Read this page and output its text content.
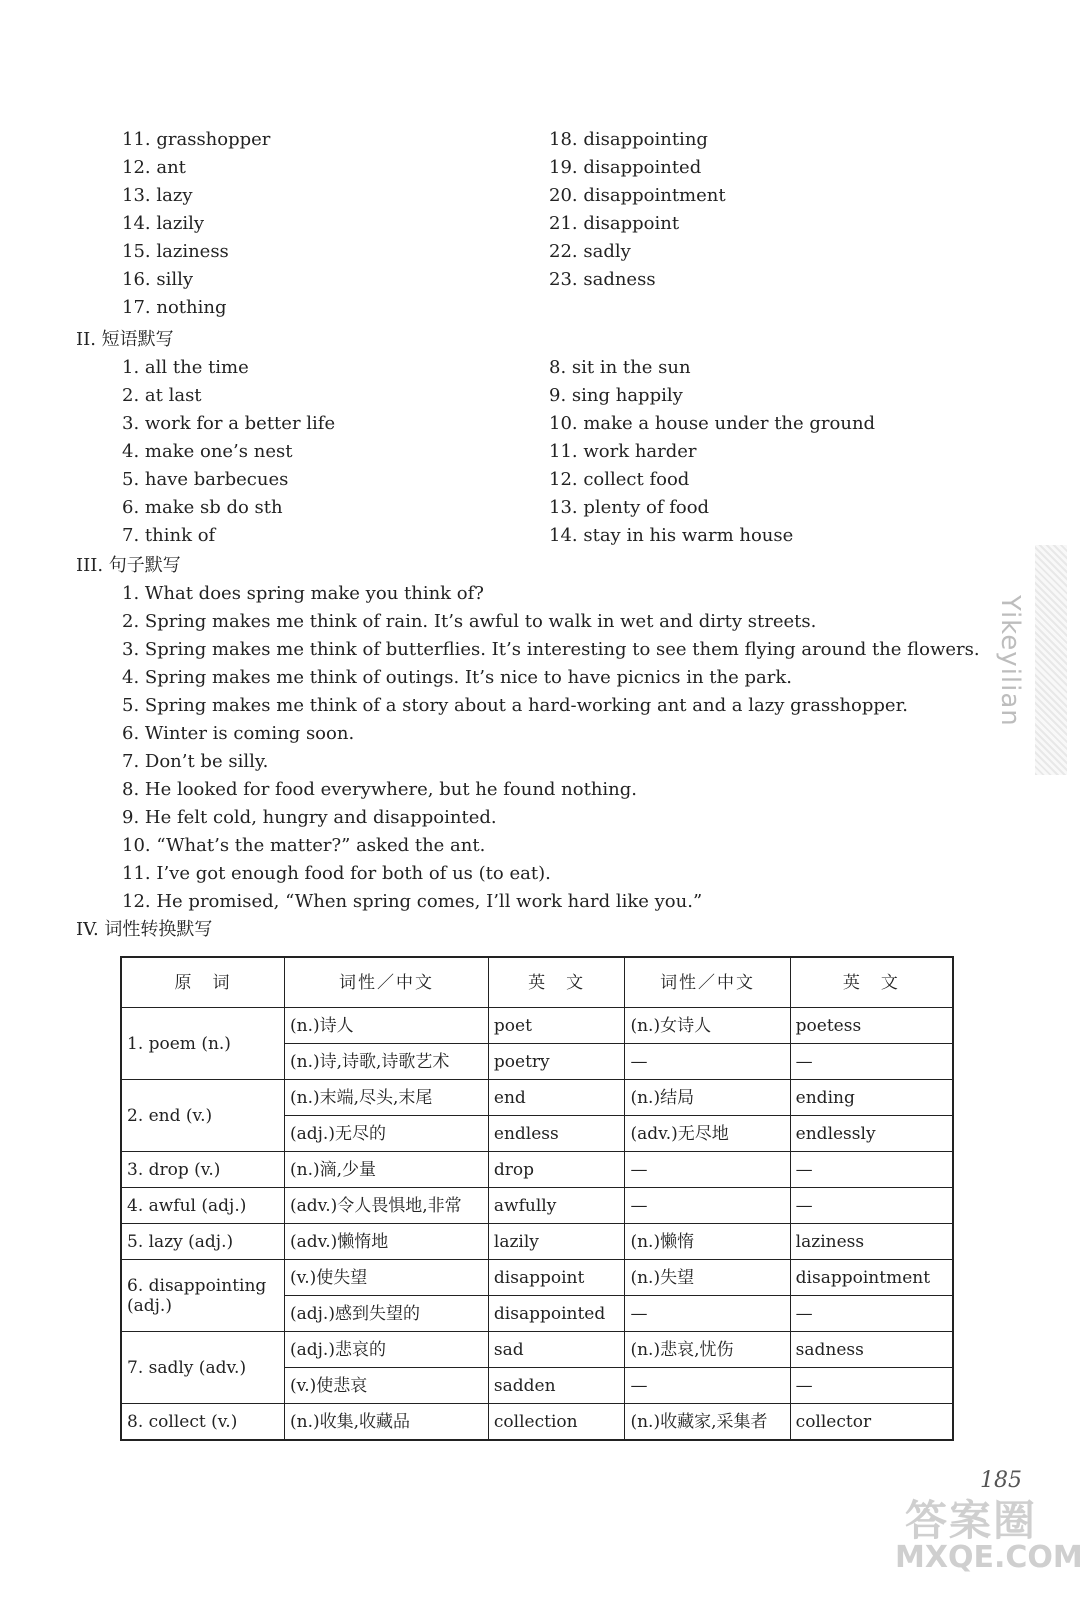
11. grasshopper
12. ant
13. lazy
14. lazily
15. laziness
16. silly
17. nothing
18. disappointing
19. disappointed
20. disappointment
21. disappoint
22. sadly
23. sadness
II. 短语默写
1. all the time
2. at last
3. work for a better life
4. make one’s nest
5. have barbecues
6. make sb do sth
7. think of
8. sit in the sun
9. sing happily
10. make a house under the ground
11. work harder
12. collect food
13. plenty of food
14. stay in his warm house
III. 句子默写
1. What does spring make you think of?
2. Spring makes me think of rain. It’s awful to walk in wet and dirty streets.
3. Spring makes me think of butterflies. It’s interesting to see them flying around the flowers.
4. Spring makes me think of outings. It’s nice to have picnics in the park.
5. Spring makes me think of a story about a hard-working ant and a lazy grasshopper.
6. Winter is coming soon.
7. Don’t be silly.
8. He looked for food everywhere, but he found nothing.
9. He felt cold, hungry and disappointed.
10. “What’s the matter?” asked the ant.
11. I’ve got enough food for both of us (to eat).
12. He promised, “When spring comes, I’ll work hard like you.”
IV. 词性转换默写
原　词	词性／中文	英　文	词性／中文	英　文
1. poem (n.)	(n.)诗人	poet	(n.)女诗人	poetess
	(n.)诗,诗歌,诗歌艺术	poetry	—	—
2. end (v.)	(n.)末端,尽头,末尾	end	(n.)结局	ending
	(adj.)无尽的	endless	(adv.)无尽地	endlessly
3. drop (v.)	(n.)滴,少量	drop	—	—
4. awful (adj.)	(adv.)令人畏惧地,非常	awfully	—	—
5. lazy (adj.)	(adv.)懒惰地	lazily	(n.)懒惰	laziness
6. disappointing (adj.)	(v.)使失望	disappoint	(n.)失望	disappointment
	(adj.)感到失望的	disappointed	—	—
7. sadly (adv.)	(adj.)悲哀的	sad	(n.)悲哀,忧伤	sadness
	(v.)使悲哀	sadden	—	—
8. collect (v.)	(n.)收集,收藏品	collection	(n.)收藏家,采集者	collector
Yikeyilian
185
答案圈
MXQE.COM
